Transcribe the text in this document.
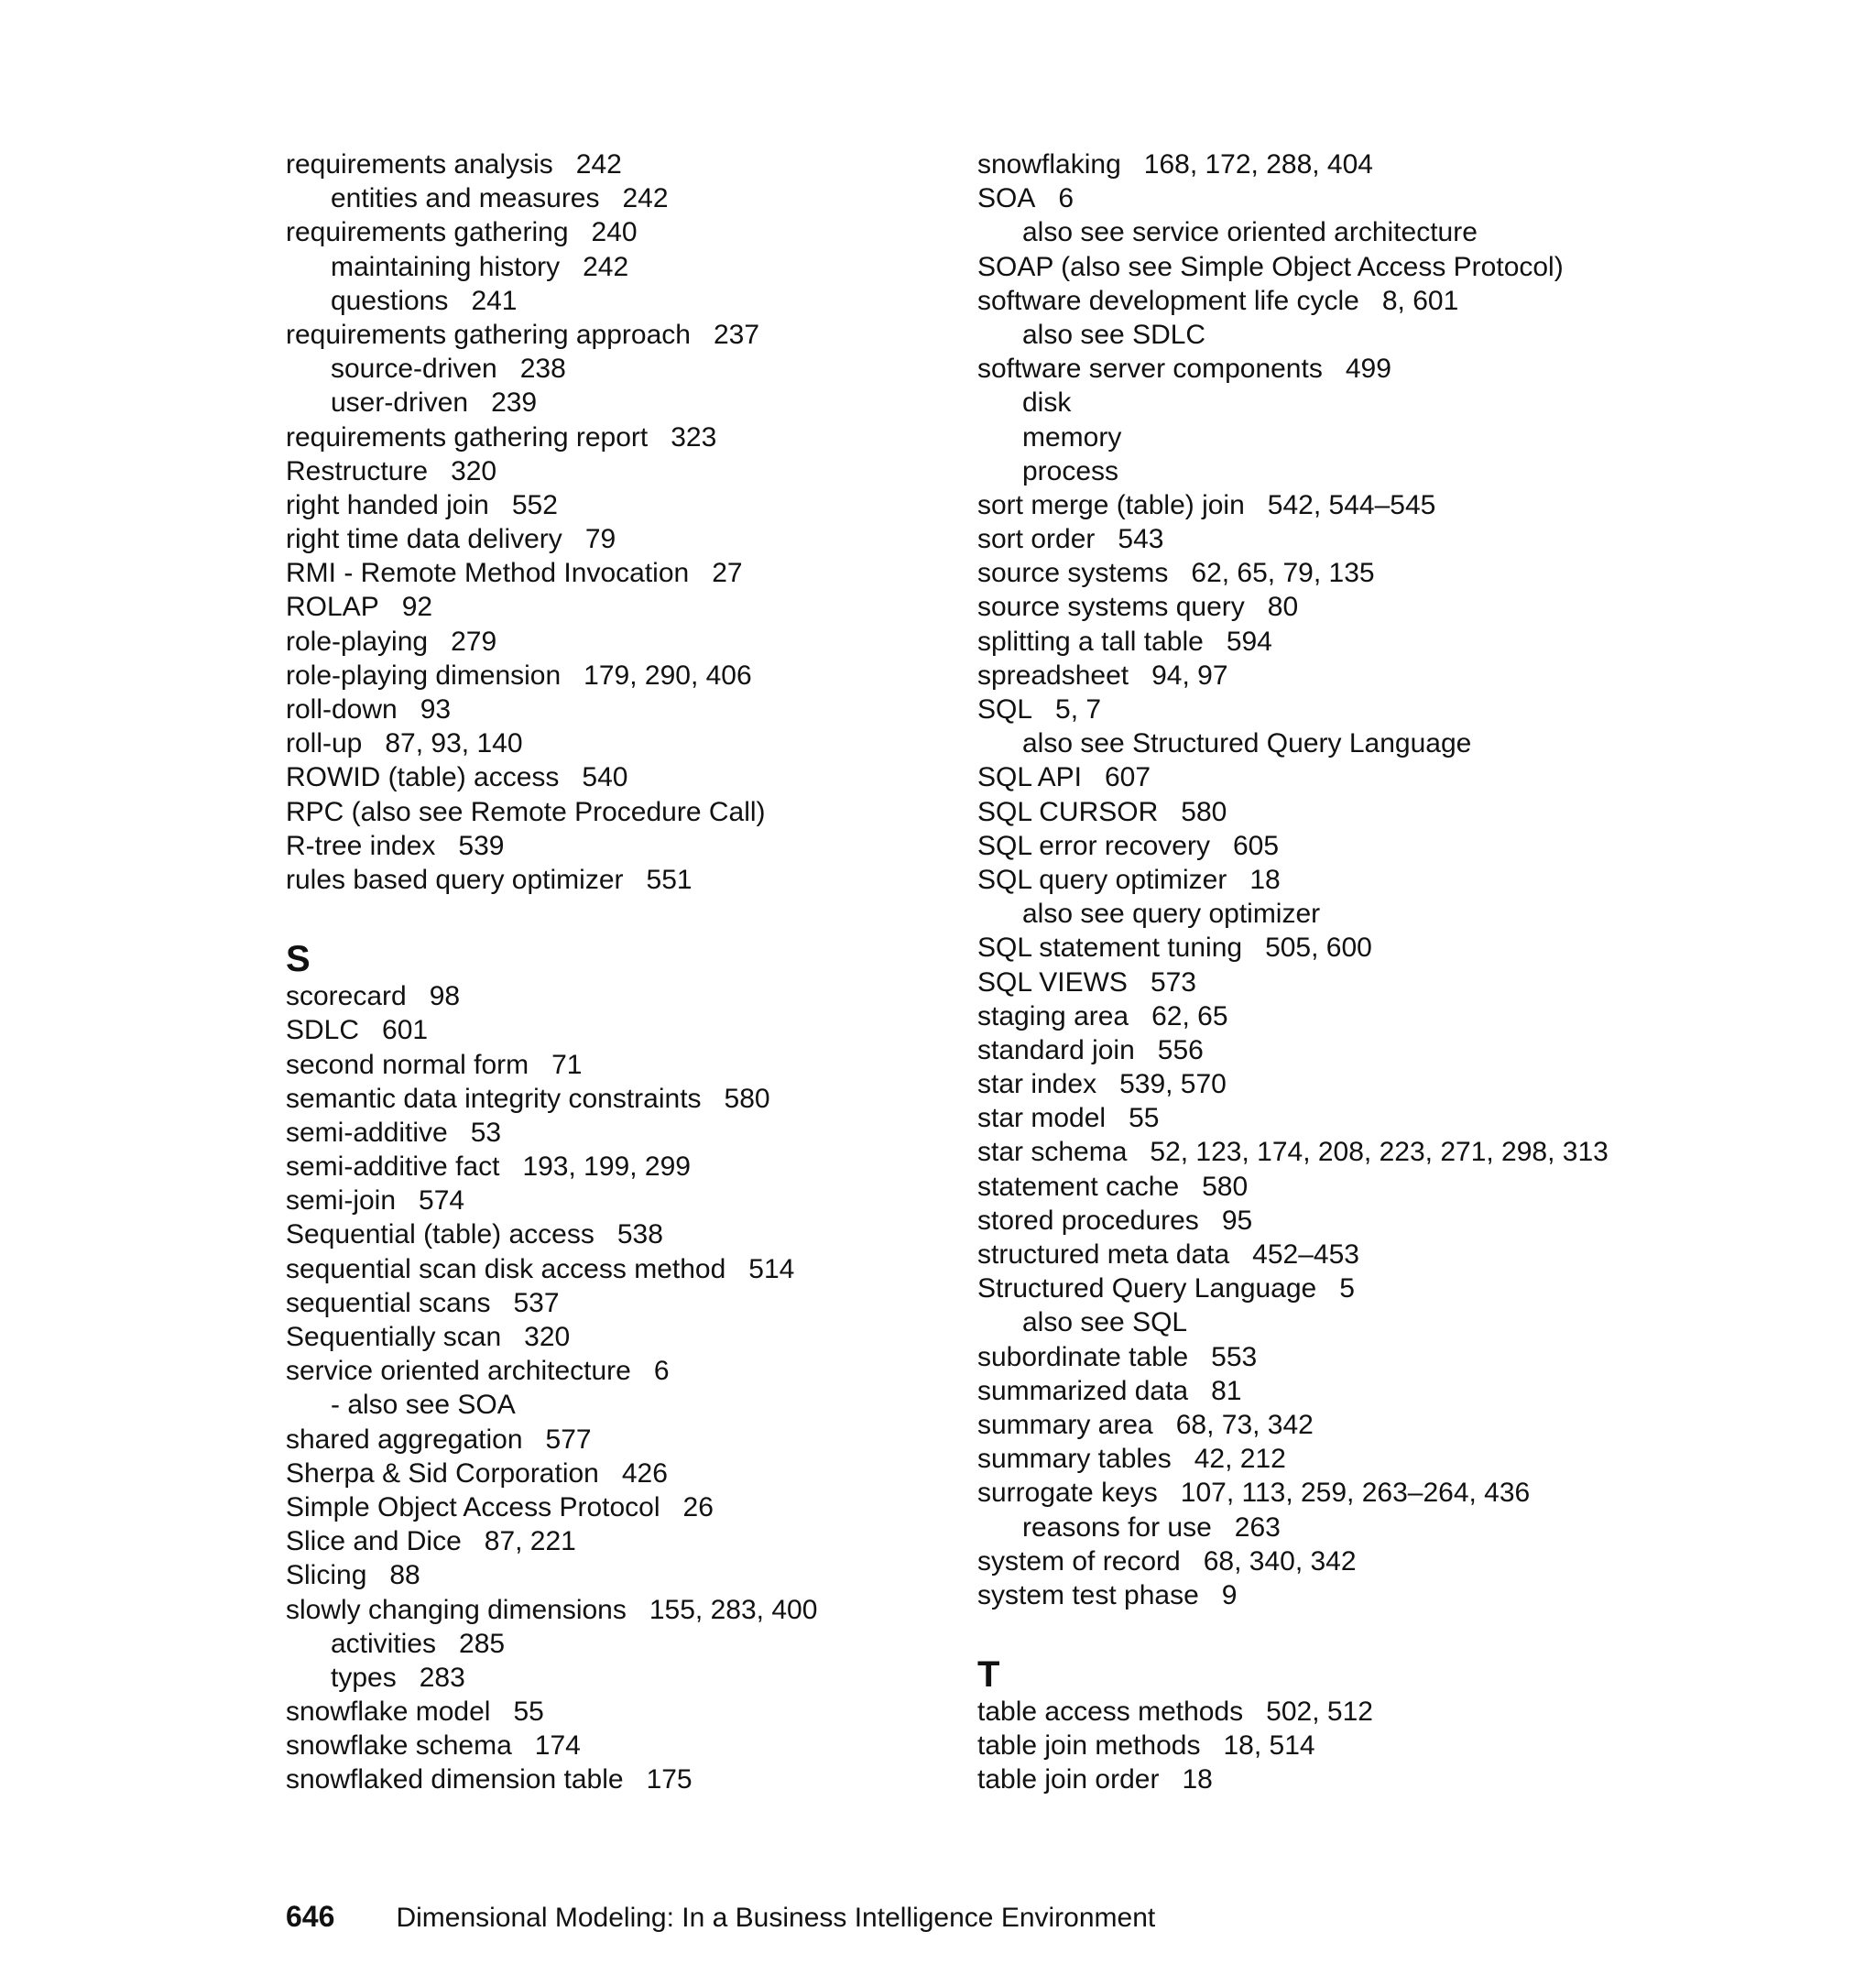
requirements analysis 242
entities and measures 242
requirements gathering 240
maintaining history 242
questions 241
requirements gathering approach 237
source-driven 238
user-driven 239
requirements gathering report 323
Restructure 320
right handed join 552
right time data delivery 79
RMI - Remote Method Invocation 27
ROLAP 92
role-playing 279
role-playing dimension 179, 290, 406
roll-down 93
roll-up 87, 93, 140
ROWID (table) access 540
RPC (also see Remote Procedure Call)
R-tree index 539
rules based query optimizer 551
S
scorecard 98
SDLC 601
second normal form 71
semantic data integrity constraints 580
semi-additive 53
semi-additive fact 193, 199, 299
semi-join 574
Sequential (table) access 538
sequential scan disk access method 514
sequential scans 537
Sequentially scan 320
service oriented architecture 6
- also see SOA
shared aggregation 577
Sherpa & Sid Corporation 426
Simple Object Access Protocol 26
Slice and Dice 87, 221
Slicing 88
slowly changing dimensions 155, 283, 400
activities 285
types 283
snowflake model 55
snowflake schema 174
snowflaked dimension table 175
snowflaking 168, 172, 288, 404
SOA 6
also see service oriented architecture
SOAP (also see Simple Object Access Protocol)
software development life cycle 8, 601
also see SDLC
software server components 499
disk
memory
process
sort merge (table) join 542, 544–545
sort order 543
source systems 62, 65, 79, 135
source systems query 80
splitting a tall table 594
spreadsheet 94, 97
SQL 5, 7
also see Structured Query Language
SQL API 607
SQL CURSOR 580
SQL error recovery 605
SQL query optimizer 18
also see query optimizer
SQL statement tuning 505, 600
SQL VIEWS 573
staging area 62, 65
standard join 556
star index 539, 570
star model 55
star schema 52, 123, 174, 208, 223, 271, 298, 313
statement cache 580
stored procedures 95
structured meta data 452–453
Structured Query Language 5
also see SQL
subordinate table 553
summarized data 81
summary area 68, 73, 342
summary tables 42, 212
surrogate keys 107, 113, 259, 263–264, 436
reasons for use 263
system of record 68, 340, 342
system test phase 9
T
table access methods 502, 512
table join methods 18, 514
table join order 18
646 Dimensional Modeling: In a Business Intelligence Environment
